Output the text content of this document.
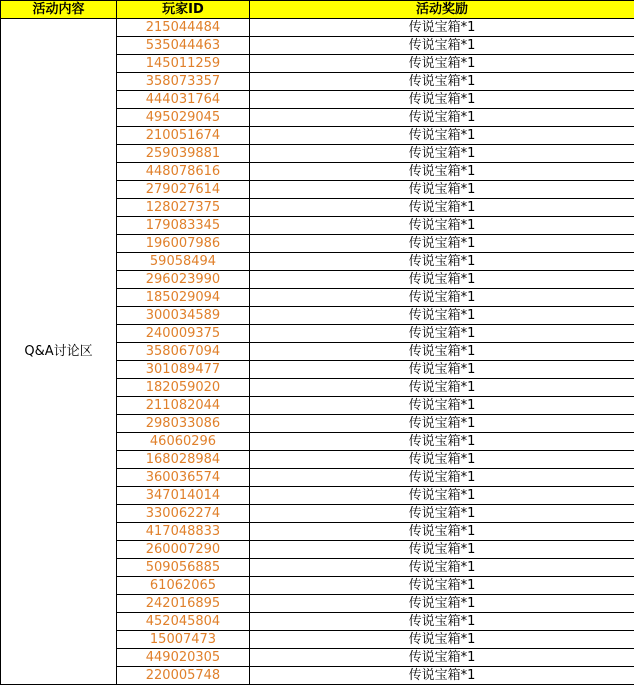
活动内容	玩家ID	活动奖励
Q&A讨论区	215044484	传说宝箱*1
	535044463	传说宝箱*1
	145011259	传说宝箱*1
	358073357	传说宝箱*1
	444031764	传说宝箱*1
	495029045	传说宝箱*1
	210051674	传说宝箱*1
	259039881	传说宝箱*1
	448078616	传说宝箱*1
	279027614	传说宝箱*1
	128027375	传说宝箱*1
	179083345	传说宝箱*1
	196007986	传说宝箱*1
	59058494	传说宝箱*1
	296023990	传说宝箱*1
	185029094	传说宝箱*1
	300034589	传说宝箱*1
	240009375	传说宝箱*1
	358067094	传说宝箱*1
	301089477	传说宝箱*1
	182059020	传说宝箱*1
	211082044	传说宝箱*1
	298033086	传说宝箱*1
	46060296	传说宝箱*1
	168028984	传说宝箱*1
	360036574	传说宝箱*1
	347014014	传说宝箱*1
	330062274	传说宝箱*1
	417048833	传说宝箱*1
	260007290	传说宝箱*1
	509056885	传说宝箱*1
	61062065	传说宝箱*1
	242016895	传说宝箱*1
	452045804	传说宝箱*1
	15007473	传说宝箱*1
	449020305	传说宝箱*1
	220005748	传说宝箱*1
